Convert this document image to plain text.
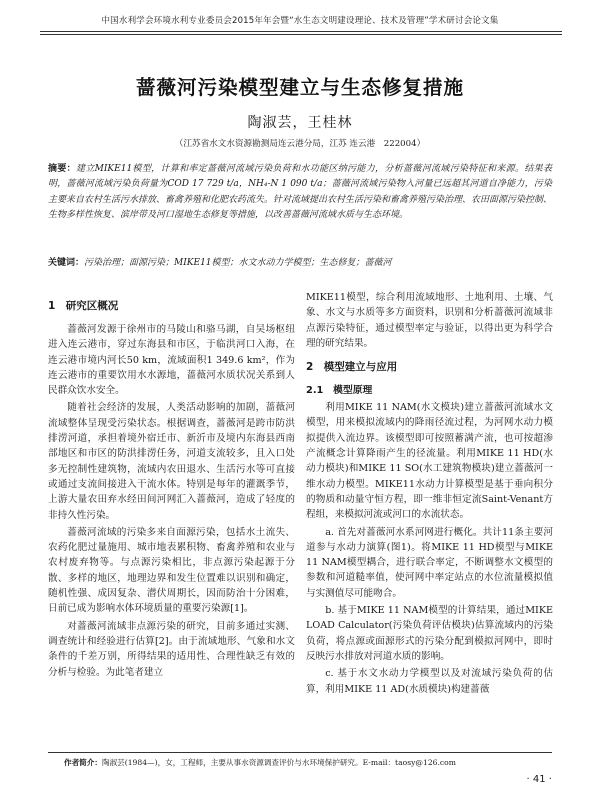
中国水利学会环境水利专业委员会2015年年会暨“水生态文明建设理论、技术及管理”学术研讨会论文集
蔷薇河污染模型建立与生态修复措施
陶淑芸，王桂林
（江苏省水文水资源勘测局连云港分局，江苏 连云港　222004）
摘要：建立MIKE11模型，计算和率定蔷薇河流域污染负荷和水功能区纳污能力，分析蔷薇河流域污染特征和来源。结果表明，蔷薇河流域污染负荷量为COD 17 729 t/a，NH₄-N 1 090 t/a；蔷薇河流域污染物入河量已远超其河道自净能力，污染主要来自农村生活污水排放、畜禽养殖和化肥农药流失。针对流域提出农村生活污染和畜禽养殖污染治理、农田面源污染控制、生物多样性恢复、滨岸带及河口湿地生态修复等措施，以改善蔷薇河流域水质与生态环境。
关键词：污染治理；面源污染；MIKE11模型；水文水动力学模型；生态修复；蔷薇河
1　研究区概况

蔷薇河发源于徐州市的马陵山和骆马湖，自吴场枢纽进入连云港市，穿过东海县和市区，于临洪河口入海，在连云港市境内河长50 km，流域面积1 349.6 km²，作为连云港市的重要饮用水水源地，蔷薇河水质状况关系到人民群众饮水安全。

随着社会经济的发展，人类活动影响的加剧，蔷薇河流域整体呈现受污染状态。根据调查，蔷薇河是跨市防洪排涝河道，承担着境外宿迁市、新沂市及境内东海县西南部地区和市区的防洪排涝任务，河道支流较多，且入口处多无控制性建筑物，流域内农田退水、生活污水等可直接或通过支流间接进入干流水体。特别是每年的灌溉季节，上游大量农田弃水经田间河网汇入蔷薇河，造成了轻度的非持久性污染。

蔷薇河流域的污染多来自面源污染，包括水土流失、农药化肥过量施用、城市地表累积物、畜禽养殖和农业与农村废弃物等。与点源污染相比，非点源污染起源于分散、多样的地区，地理边界和发生位置难以识别和确定，随机性强、成因复杂、潜伏周期长，因而防治十分困难，日前已成为影响水体环境质量的重要污染源[1]。

对蔷薇河流域非点源污染的研究，目前多通过实测、调查统计和经验进行估算[2]。由于流域地形、气象和水文条件的千差万别，所得结果的适用性、合理性缺乏有效的分析与检验。为此笔者建立

MIKE11模型，综合利用流域地形、土地利用、土壤、气象、水文与水质等多方面资料，识别和分析蔷薇河流域非点源污染特征，通过模型率定与验证，以得出更为科学合理的研究结果。

2　模型建立与应用
2.1　模型原理

利用MIKE 11 NAM(水文模块)建立蔷薇河流域水文模型，用来模拟流域内的降雨径流过程，为河网水动力模拟提供入流边界。该模型即可按照蓄满产流，也可按超渗产流概念计算降雨产生的径流量。利用MIKE 11 HD(水动力模块)和MIKE 11 SO(水工建筑物模块)建立蔷薇河一维水动力模型。MIKE11水动力计算模型是基于垂向积分的物质和动量守恒方程，即一维非恒定流Saint-Venant方程组，来模拟河流或河口的水流状态。

a. 首先对蔷薇河水系河网进行概化。共计11条主要河道参与水动力演算(图1)。将MIKE 11 HD模型与MIKE 11 NAM模型耦合，进行联合率定，不断调整水文模型的参数和河道糙率值，使河网中率定站点的水位流量模拟值与实测值尽可能吻合。

b. 基于MIKE 11 NAM模型的计算结果，通过MIKE LOAD Calculator(污染负荷评估模块)估算流域内的污染负荷，将点源或面源形式的污染分配到模拟河网中，即时反映污水排放对河道水质的影响。

c. 基于水文水动力学模型以及对流域污染负荷的估算，利用MIKE 11 AD(水质模块)构建蔷薇

作者简介：陶淑芸(1984—)，女，工程师，主要从事水资源调查评价与水环境保护研究。E-mail：taosy@126.com
· 41 ·
